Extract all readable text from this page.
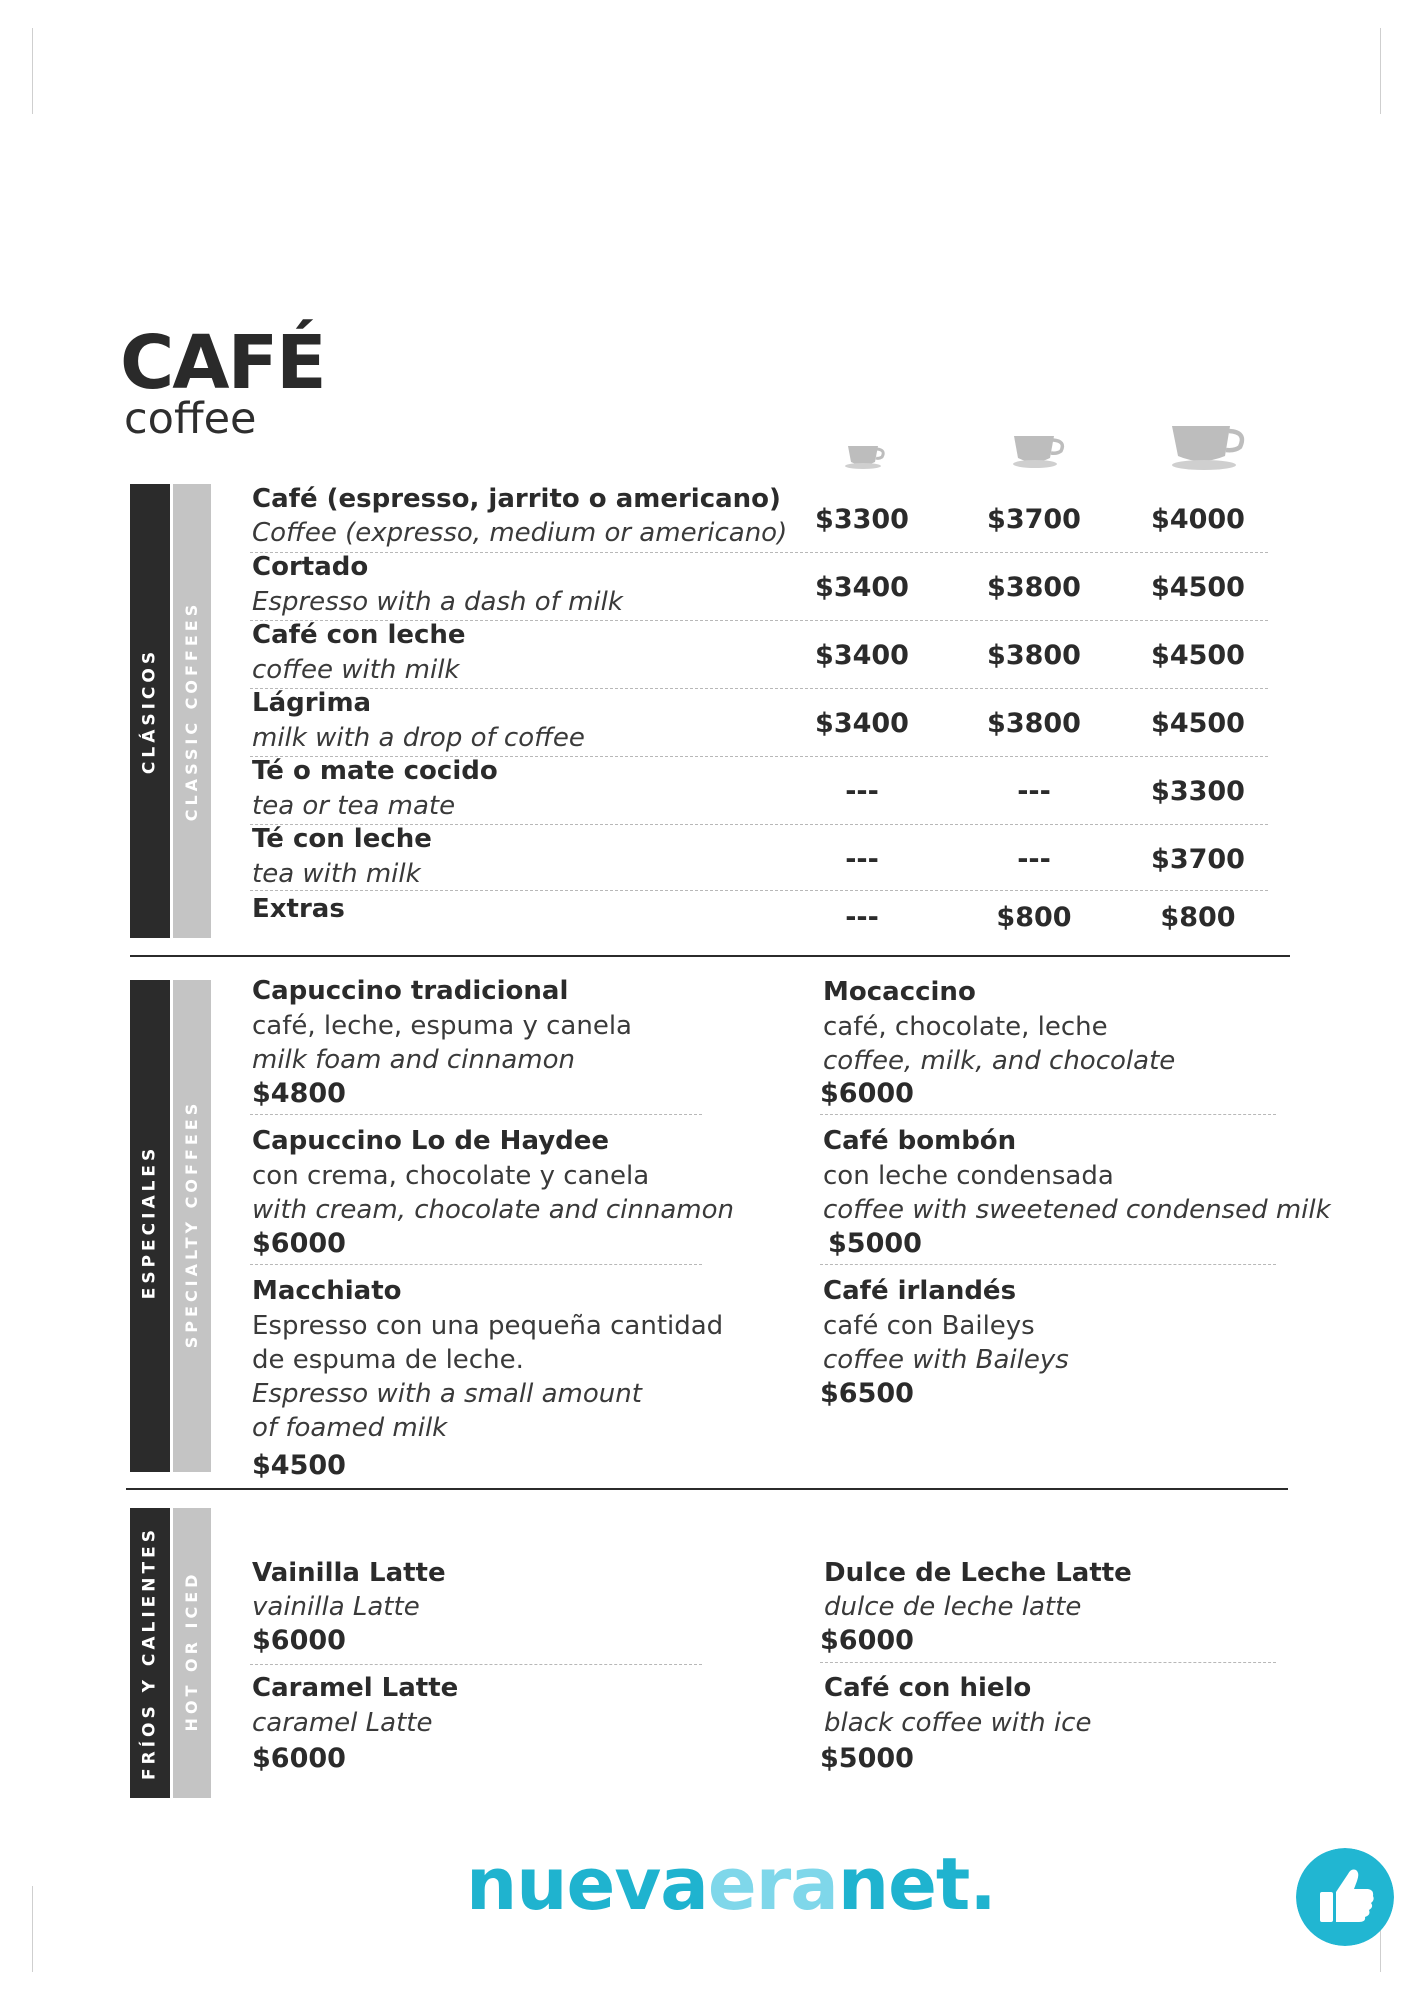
CAFÉ
coffee
CLÁSICOS CLASSIC COFFEES
Café (espresso, jarrito o americano)
Coffee (expresso, medium or americano)	$3300	$3700	$4000
Cortado
Espresso with a dash of milk	$3400	$3800	$4500
Café con leche
coffee with milk	$3400	$3800	$4500
Lágrima
milk with a drop of coffee	$3400	$3800	$4500
Té o mate cocido
tea or tea mate	---	---	$3300
Té con leche
tea with milk	---	---	$3700
Extras	---	$800	$800
ESPECIALES SPECIALTY COFFEES
Capuccino tradicional
café, leche, espuma y canela
milk foam and cinnamon
$4800
Capuccino Lo de Haydee
con crema, chocolate y canela
with cream, chocolate and cinnamon
$6000
Macchiato
Espresso con una pequeña cantidad
de espuma de leche.
Espresso with a small amount
of foamed milk
$4500
Mocaccino
café, chocolate, leche
coffee, milk, and chocolate
$6000
Café bombón
con leche condensada
coffee with sweetened condensed milk
$5000
Café irlandés
café con Baileys
coffee with Baileys
$6500
FRÍOS Y CALIENTES HOT OR ICED Vainilla Latte
vainilla Latte
$6000
Caramel Latte
caramel Latte
$6000
Dulce de Leche Latte
dulce de leche latte
$6000
Café con hielo
black coffee with ice
$5000
nuevaeranet.
